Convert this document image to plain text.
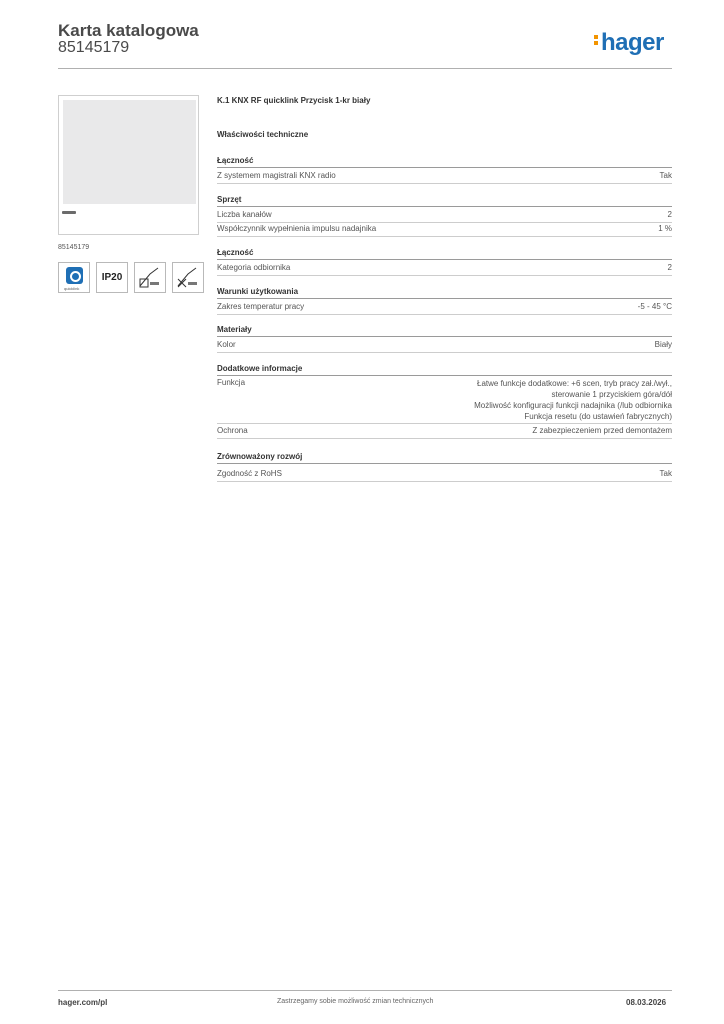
Karta katalogowa
85145179	hager
85145179
quicklink
IP20
K.1 KNX RF quicklink Przycisk 1-kr biały
Właściwości techniczne
Łączność
Z systemem magistrali KNX radio	Tak
Sprzęt
Liczba kanałów	2
Współczynnik wypełnienia impulsu nadajnika	1 %
Łączność
Kategoria odbiornika	2
Warunki użytkowania
Zakres temperatur pracy	-5 - 45 °C
Materiały
Kolor	Biały
Dodatkowe informacje
Funkcja	Łatwe funkcje dodatkowe: +6 scen, tryb pracy zał./wył.,
sterowanie 1 przyciskiem góra/dół
Możliwość konfiguracji funkcji nadajnika (/lub odbiornika
Funkcja resetu (do ustawień fabrycznych)
Ochrona	Z zabezpieczeniem przed demontażem
Zrównoważony rozwój
Zgodność z RoHS	Tak
hager.com/pl	Zastrzegamy sobie możliwość zmian technicznych	08.03.2026
